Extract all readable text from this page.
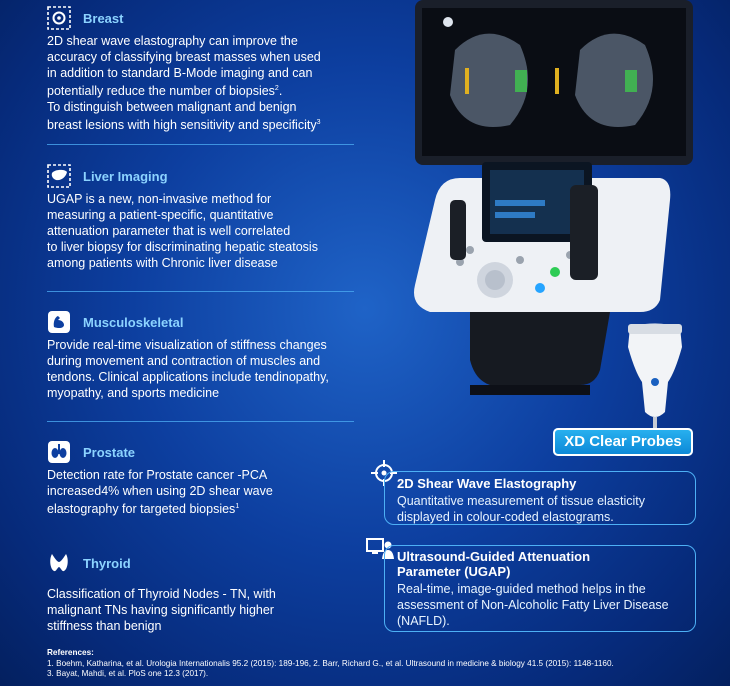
Breast
2D shear wave elastography can improve the
accuracy of classifying breast masses when used
in addition to standard B-Mode imaging and can
potentially reduce the number of biopsies$^2$.
To distinguish between malignant and benign
breast lesions with high sensitivity and specificity$^3$
Liver Imaging
UGAP is a new, non-invasive method for
measuring a patient-specific, quantitative
attenuation parameter that is well correlated
to liver biopsy for discriminating hepatic steatosis
among patients with Chronic liver disease
Musculoskeletal
Provide real-time visualization of stiffness changes
during movement and contraction of muscles and
tendons. Clinical applications include tendinopathy,
myopathy, and sports medicine
Prostate
Detection rate for Prostate cancer -PCA
increased4% when using 2D shear wave
elastography for targeted biopsies$^1$
Thyroid
Classification of Thyroid Nodes - TN, with
malignant TNs having significantly higher
stiffness than benign
References:
1. Boehm, Katharina, et al. Urologia Internationalis 95.2 (2015): 189-196, 2. Barr, Richard G., et al. Ultrasound in medicine & biology 41.5 (2015): 1148-1160.
3. Bayat, Mahdi, et al. PloS one 12.3 (2017).
XD Clear Probes
2D Shear Wave Elastography
Quantitative measurement of tissue elasticity
displayed in colour-coded elastograms.
Ultrasound-Guided Attenuation
Parameter (UGAP)
Real-time, image-guided method helps in the
assessment of Non-Alcoholic Fatty Liver Disease
(NAFLD).
